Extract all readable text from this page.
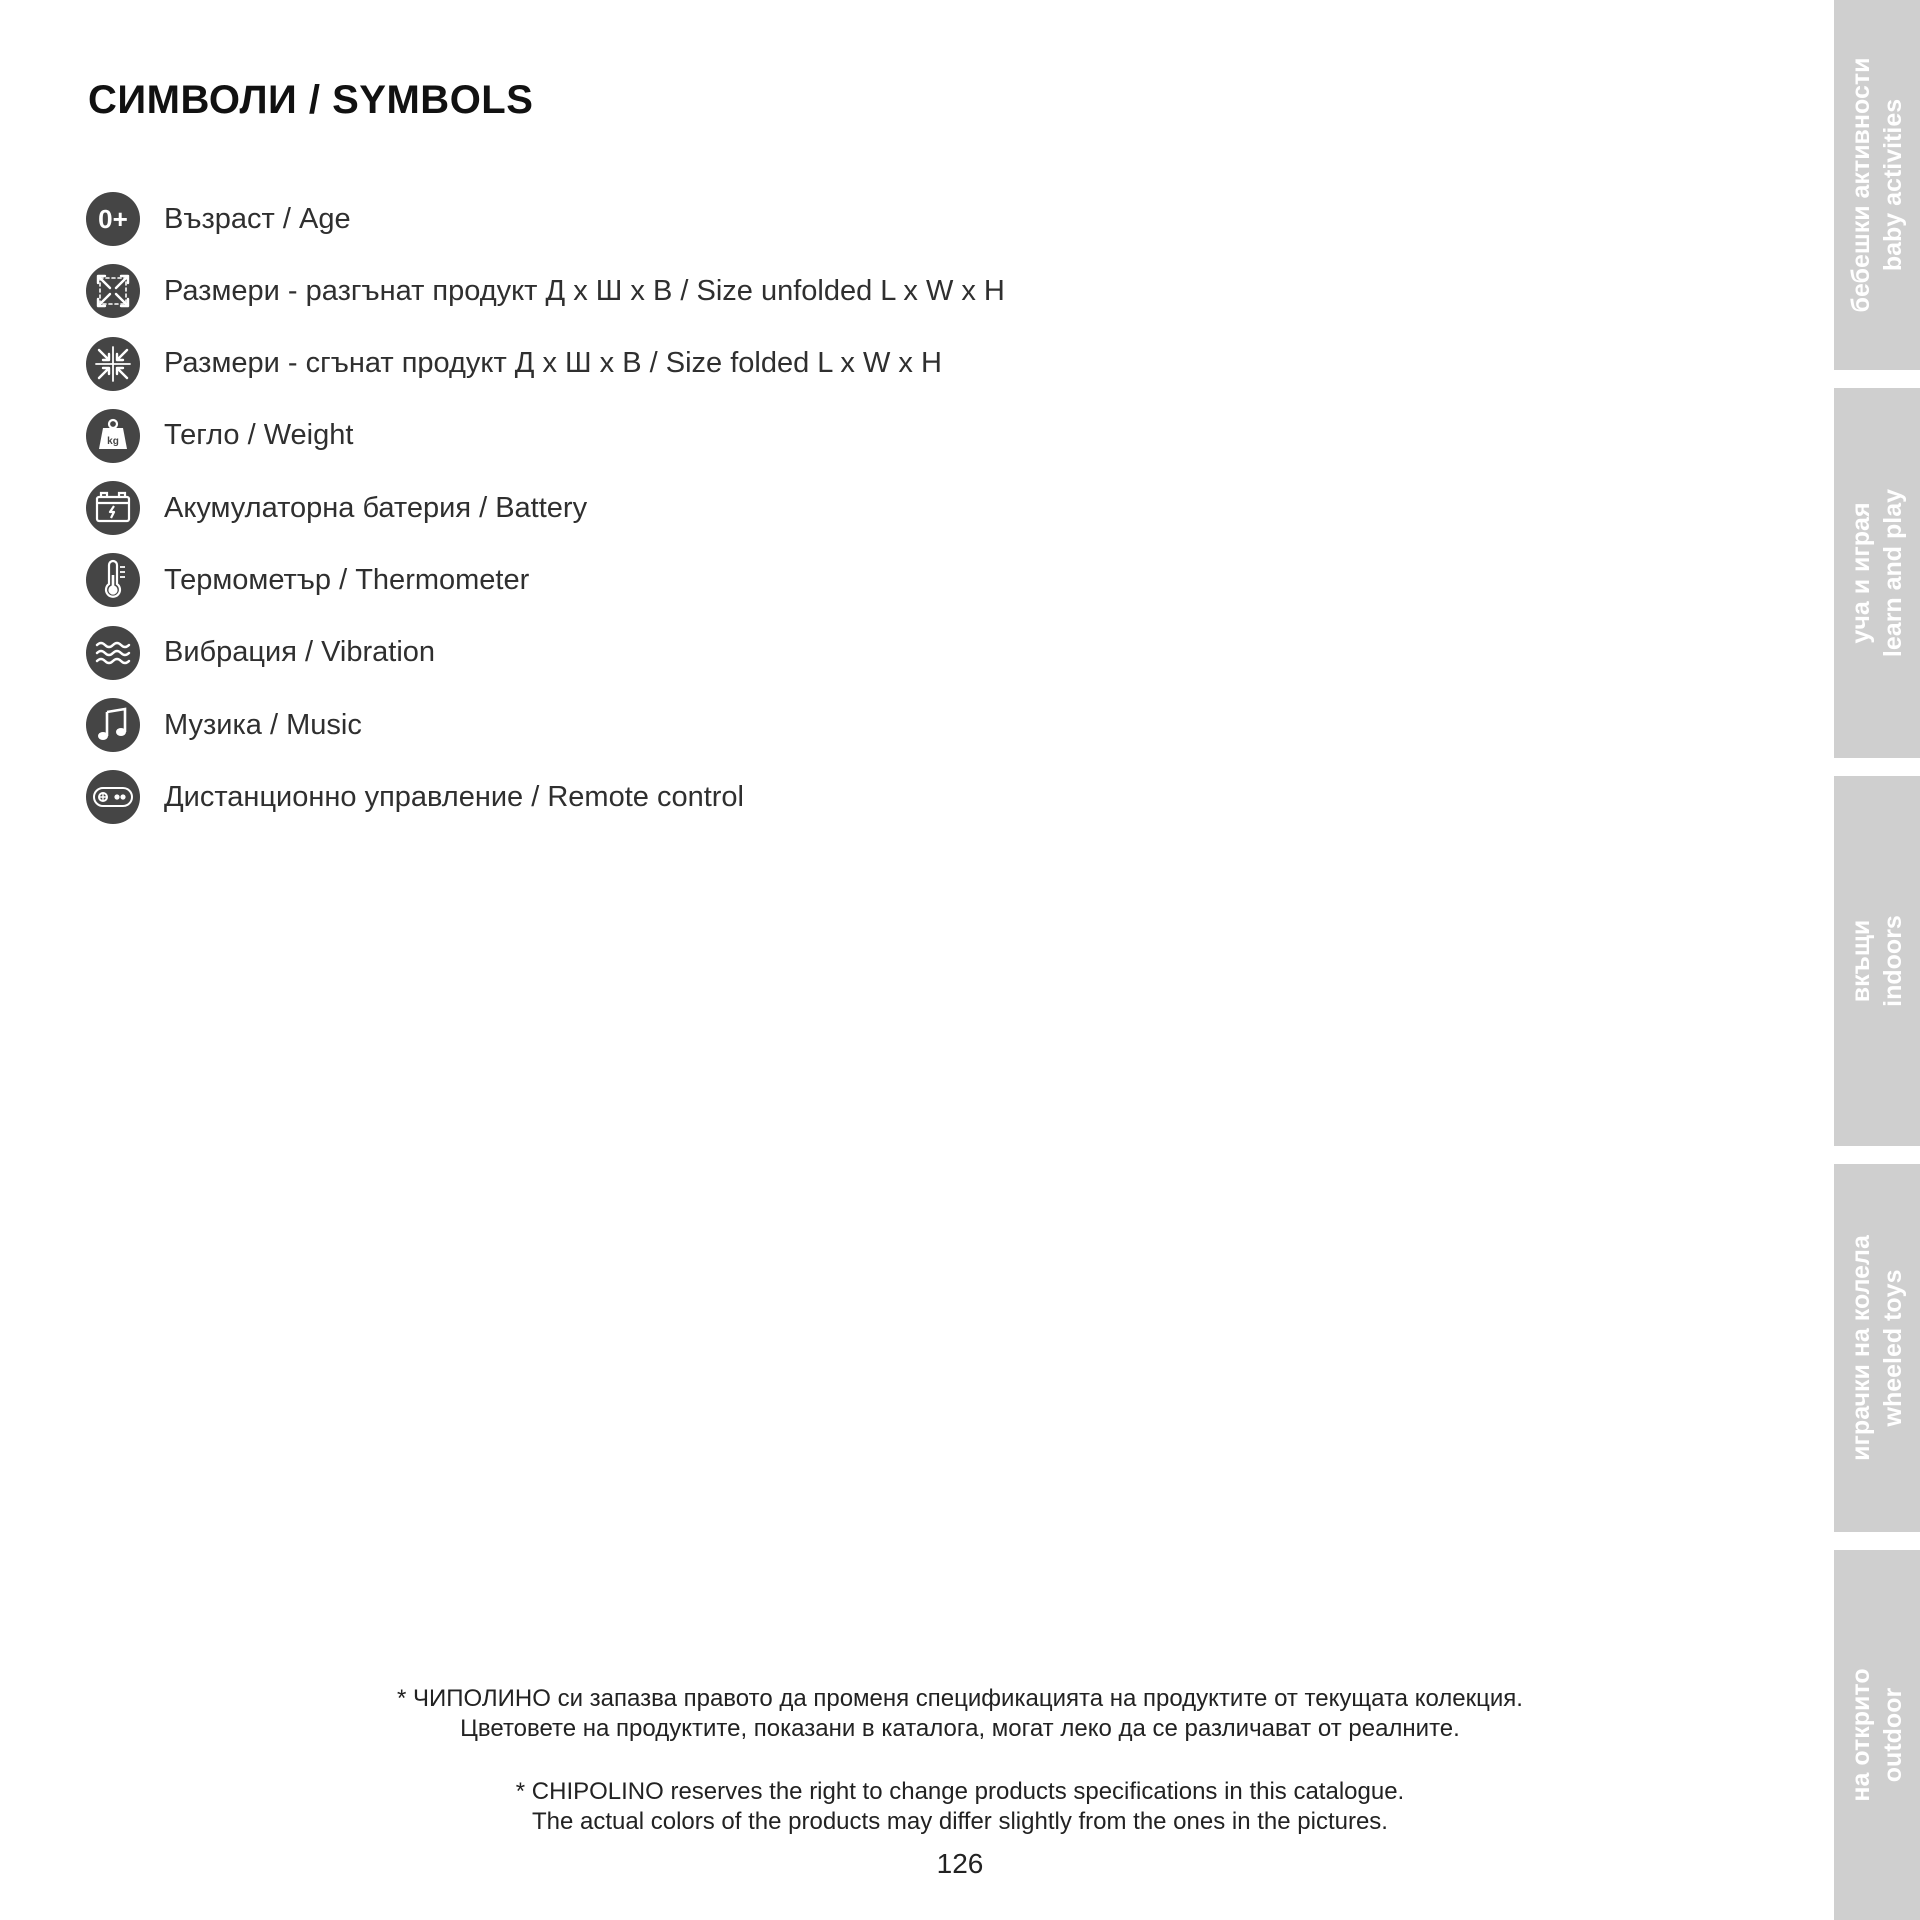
СИМВОЛИ / SYMBOLS
0+ Възраст / Age
Размери - разгънат продукт Д х Ш х В / Size unfolded L x W x H
Размери - сгънат продукт Д х Ш х В / Size folded L x W x H
kg Тегло / Weight
Акумулаторна батерия / Battery
Термометър / Thermometer
Вибрация / Vibration
Музика / Music
Дистанционно управление / Remote control
* ЧИПОЛИНО си запазва правото да променя спецификацията на продуктите от текущата колекция.
Цветовете на продуктите, показани в каталога, могат леко да се различават от реалните.
* CHIPOLINO reserves the right to change products specifications in this catalogue.
The actual colors of the products may differ slightly from the ones in the pictures.
126
бебешки активности baby activities
уча и играя learn and play
вкъщи indoors
играчки на колела wheeled toys
на открито outdoor
